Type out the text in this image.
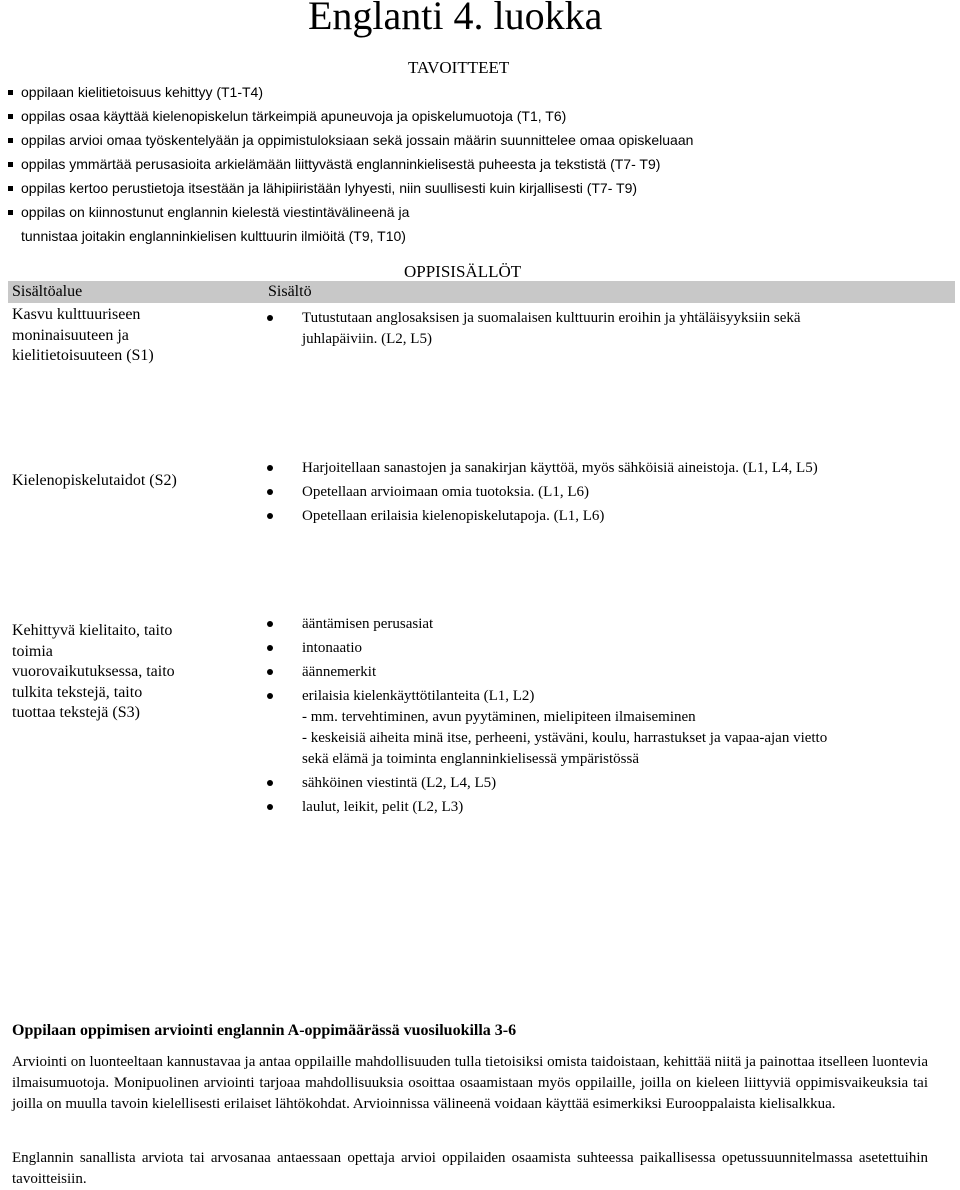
Englanti 4. luokka
TAVOITTEET
oppilaan kielitietoisuus kehittyy (T1-T4)
oppilas osaa käyttää kielenopiskelun tärkeimpiä apuneuvoja ja opiskelumuotoja (T1, T6)
oppilas arvioi omaa työskentelyään ja oppimistuloksiaan sekä jossain määrin suunnittelee omaa opiskeluaan
oppilas ymmärtää perusasioita arkielämään liittyvästä englanninkielisestä puheesta ja tekstistä (T7- T9)
oppilas kertoo perustietoja itsestään ja lähipiiristään lyhyesti, niin suullisesti kuin kirjallisesti (T7- T9)
oppilas on kiinnostunut englannin kielestä viestintävälineenä ja
tunnistaa joitakin englanninkielisen kulttuurin ilmiöitä (T9, T10)
OPPISISÄLLÖT
Sisältöalue	Sisältö
Kasvu kulttuuriseen
moninaisuuteen ja
kielitietoisuuteen (S1)
Tutustutaan anglosaksisen ja suomalaisen kulttuurin eroihin ja yhtäläisyyksiin sekä
juhlapäiviin. (L2, L5)
Kielenopiskelutaidot (S2)
Harjoitellaan sanastojen ja sanakirjan käyttöä, myös sähköisiä aineistoja. (L1, L4, L5)
Opetellaan arvioimaan omia tuotoksia. (L1, L6)
Opetellaan erilaisia kielenopiskelutapoja. (L1, L6)
Kehittyvä kielitaito, taito
toimia
vuorovaikutuksessa, taito
tulkita tekstejä, taito
tuottaa tekstejä (S3)
ääntämisen perusasiat
intonaatio
äännemerkit
erilaisia kielenkäyttötilanteita (L1, L2)
- mm. tervehtiminen, avun pyytäminen, mielipiteen ilmaiseminen
- keskeisiä aiheita minä itse, perheeni, ystäväni, koulu, harrastukset ja vapaa-ajan vietto
sekä elämä ja toiminta englanninkielisessä ympäristössä
sähköinen viestintä (L2, L4, L5)
laulut, leikit, pelit (L2, L3)
Oppilaan oppimisen arviointi englannin A-oppimäärässä vuosiluokilla 3-6
Arviointi on luonteeltaan kannustavaa ja antaa oppilaille mahdollisuuden tulla tietoisiksi omista taidoistaan, kehittää niitä ja painottaa itselleen luontevia ilmaisumuotoja. Monipuolinen arviointi tarjoaa mahdollisuuksia osoittaa osaamistaan myös oppilaille, joilla on kieleen liittyviä oppimisvaikeuksia tai joilla on muulla tavoin kielellisesti erilaiset lähtökohdat. Arvioinnissa välineenä voidaan käyttää esimerkiksi Eurooppalaista kielisalkkua.
Englannin sanallista arviota tai arvosanaa antaessaan opettaja arvioi oppilaiden osaamista suhteessa paikallisessa opetussuunnitelmassa asetettuihin tavoitteisiin.
